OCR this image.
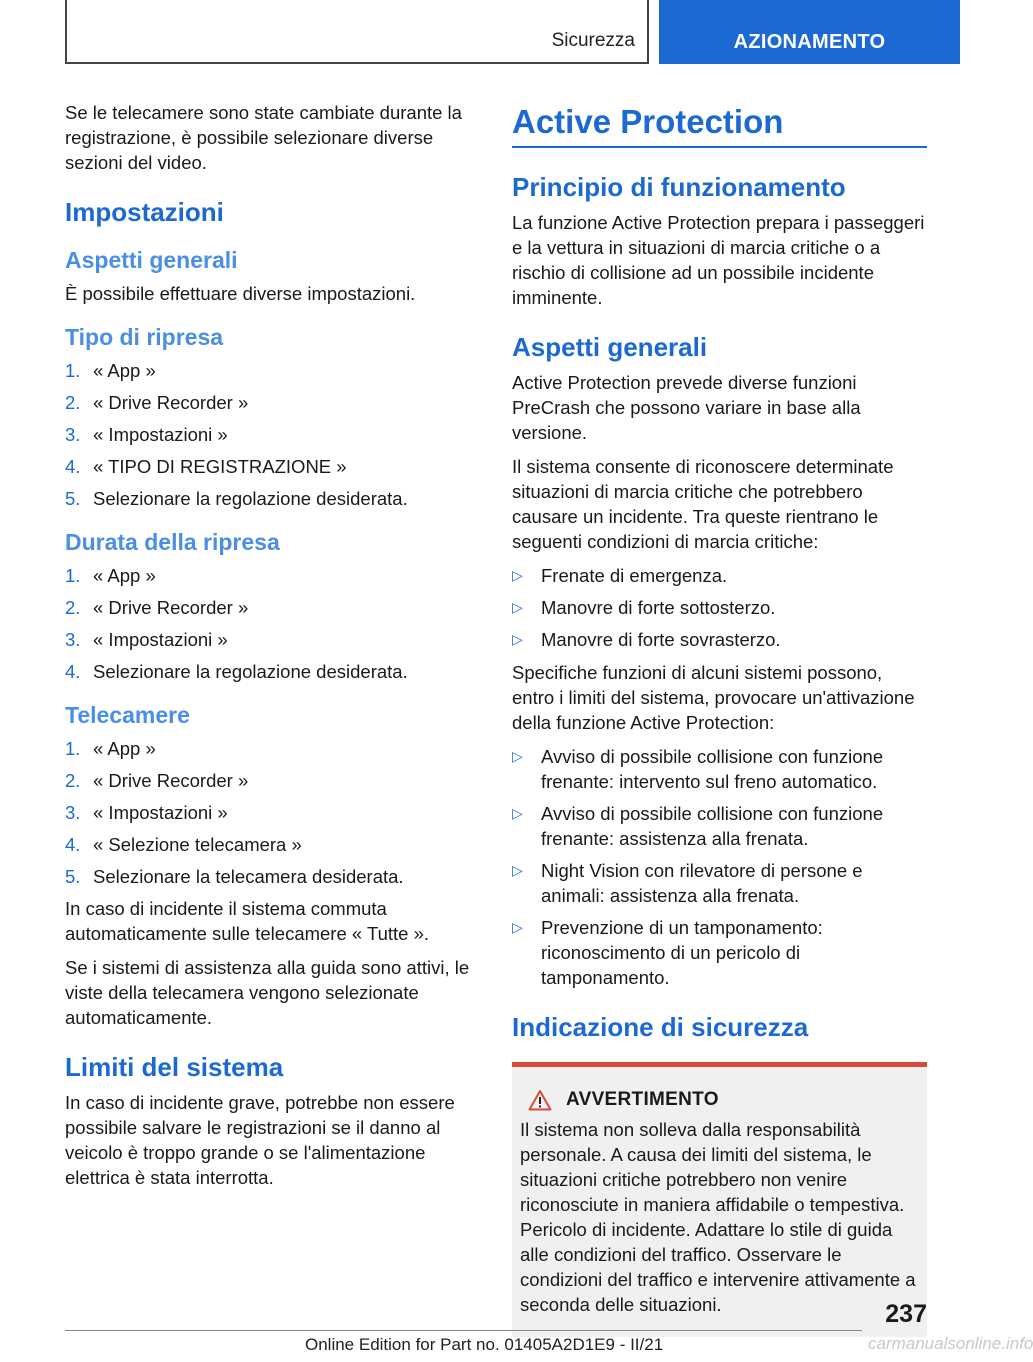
Sicurezza	AZIONAMENTO

Se le telecamere sono state cambiate durante la registrazione, è possibile selezionare diverse sezioni del video.

Impostazioni
Aspetti generali

È possibile effettuare diverse impostazioni.

Tipo di ripresa
1. « App »
2. « Drive Recorder »
3. « Impostazioni »
4. « TIPO DI REGISTRAZIONE »
5. Selezionare la regolazione desiderata.
Durata della ripresa
1. « App »
2. « Drive Recorder »
3. « Impostazioni »
4. Selezionare la regolazione desiderata.
Telecamere
1. « App »
2. « Drive Recorder »
3. « Impostazioni »
4. « Selezione telecamera »
5. Selezionare la telecamera desiderata.

In caso di incidente il sistema commuta automaticamente sulle telecamere « Tutte ».

Se i sistemi di assistenza alla guida sono attivi, le viste della telecamera vengono selezionate automaticamente.

Limiti del sistema

In caso di incidente grave, potrebbe non essere possibile salvare le registrazioni se il danno al veicolo è troppo grande o se l'alimentazione elettrica è stata interrotta.

Active Protection
Principio di funzionamento

La funzione Active Protection prepara i passeggeri e la vettura in situazioni di marcia critiche o a rischio di collisione ad un possibile incidente imminente.

Aspetti generali

Active Protection prevede diverse funzioni PreCrash che possono variare in base alla versione.

Il sistema consente di riconoscere determinate situazioni di marcia critiche che potrebbero causare un incidente. Tra queste rientrano le seguenti condizioni di marcia critiche:

▷ Frenate di emergenza.
▷ Manovre di forte sottosterzo.
▷ Manovre di forte sovrasterzo.

Specifiche funzioni di alcuni sistemi possono, entro i limiti del sistema, provocare un'attivazione della funzione Active Protection:

▷ Avviso di possibile collisione con funzione frenante: intervento sul freno automatico.
▷ Avviso di possibile collisione con funzione frenante: assistenza alla frenata.
▷ Night Vision con rilevatore di persone e animali: assistenza alla frenata.
▷ Prevenzione di un tamponamento: riconoscimento di un pericolo di tamponamento.
Indicazione di sicurezza
AVVERTIMENTO

Il sistema non solleva dalla responsabilità personale. A causa dei limiti del sistema, le situazioni critiche potrebbero non venire riconosciute in maniera affidabile o tempestiva. Pericolo di incidente. Adattare lo stile di guida alle condizioni del traffico. Osservare le condizioni del traffico e intervenire attivamente a seconda delle situazioni.	237
Online Edition for Part no. 01405A2D1E9 - II/21	carmanualsonline.info
